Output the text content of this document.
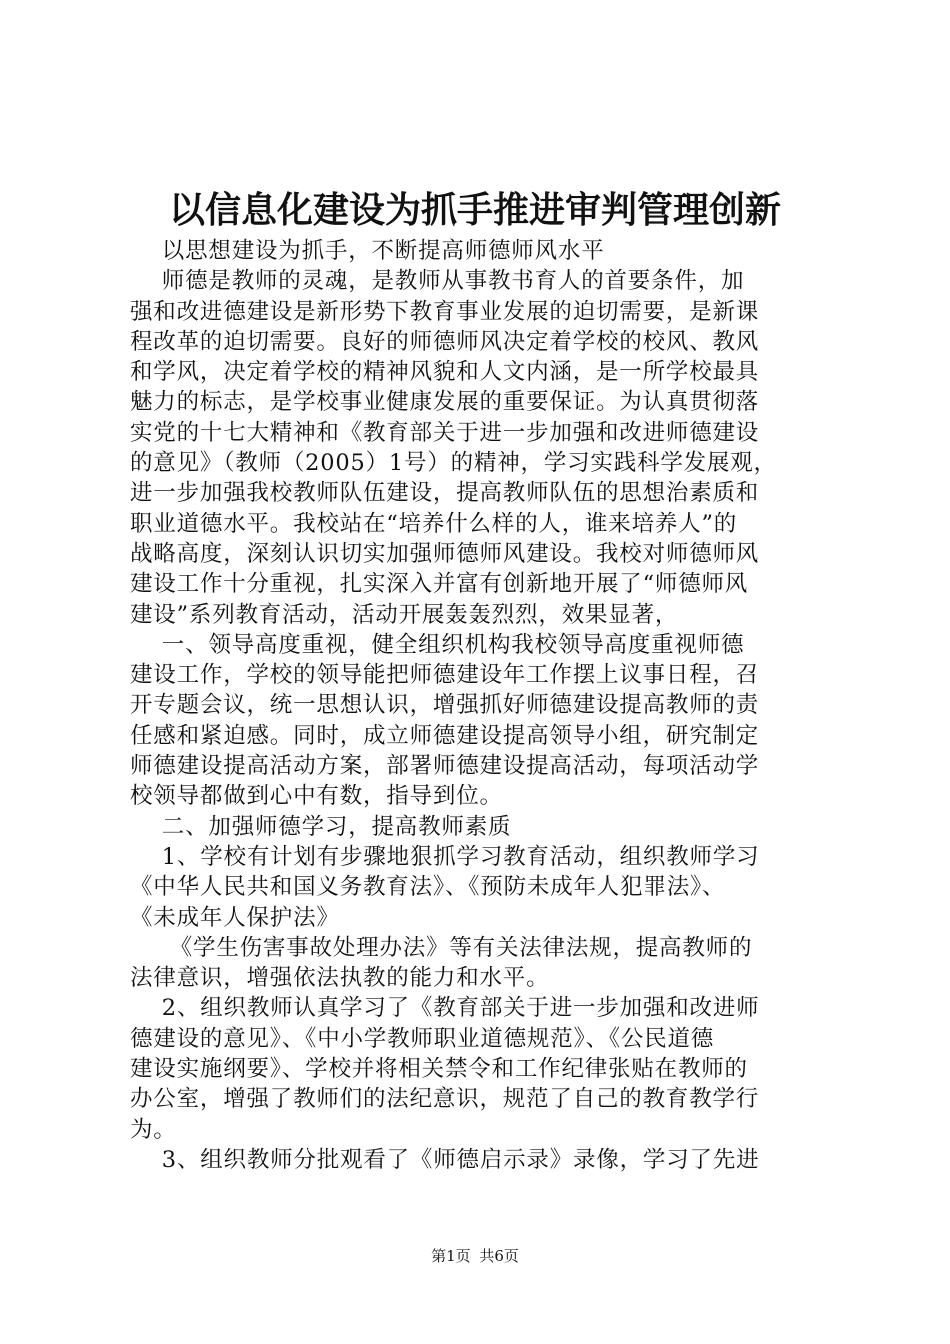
以信息化建设为抓手推进审判管理创新

以思想建设为抓手，不断提高师德师风水平

师德是教师的灵魂，是教师从事教书育人的首要条件，加

强和改进德建设是新形势下教育事业发展的迫切需要，是新课

程改革的迫切需要。良好的师德师风决定着学校的校风、教风

和学风，决定着学校的精神风貌和人文内涵，是一所学校最具

魅力的标志，是学校事业健康发展的重要保证。为认真贯彻落

实党的十七大精神和《教育部关于进一步加强和改进师德建设

的意见》（教师（2005）1号）的精神，学习实践科学发展观，

进一步加强我校教师队伍建设，提高教师队伍的思想治素质和

职业道德水平。我校站在“培养什么样的人，谁来培养人”的

战略高度，深刻认识切实加强师德师风建设。我校对师德师风

建设工作十分重视，扎实深入并富有创新地开展了“师德师风

建设”系列教育活动，活动开展轰轰烈烈，效果显著，

一、领导高度重视，健全组织机构我校领导高度重视师德

建设工作，学校的领导能把师德建设年工作摆上议事日程，召

开专题会议，统一思想认识，增强抓好师德建设提高教师的责

任感和紧迫感。同时，成立师德建设提高领导小组，研究制定

师德建设提高活动方案，部署师德建设提高活动，每项活动学

校领导都做到心中有数，指导到位。

二、加强师德学习，提高教师素质

1、学校有计划有步骤地狠抓学习教育活动，组织教师学习

《中华人民共和国义务教育法》、《预防未成年人犯罪法》、

《未成年人保护法》

《学生伤害事故处理办法》等有关法律法规，提高教师的

法律意识，增强依法执教的能力和水平。

2、组织教师认真学习了《教育部关于进一步加强和改进师

德建设的意见》、《中小学教师职业道德规范》、《公民道德

建设实施纲要》、学校并将相关禁令和工作纪律张贴在教师的

办公室，增强了教师们的法纪意识，规范了自己的教育教学行

为。

3、组织教师分批观看了《师德启示录》录像，学习了先进

第1页 共6页
